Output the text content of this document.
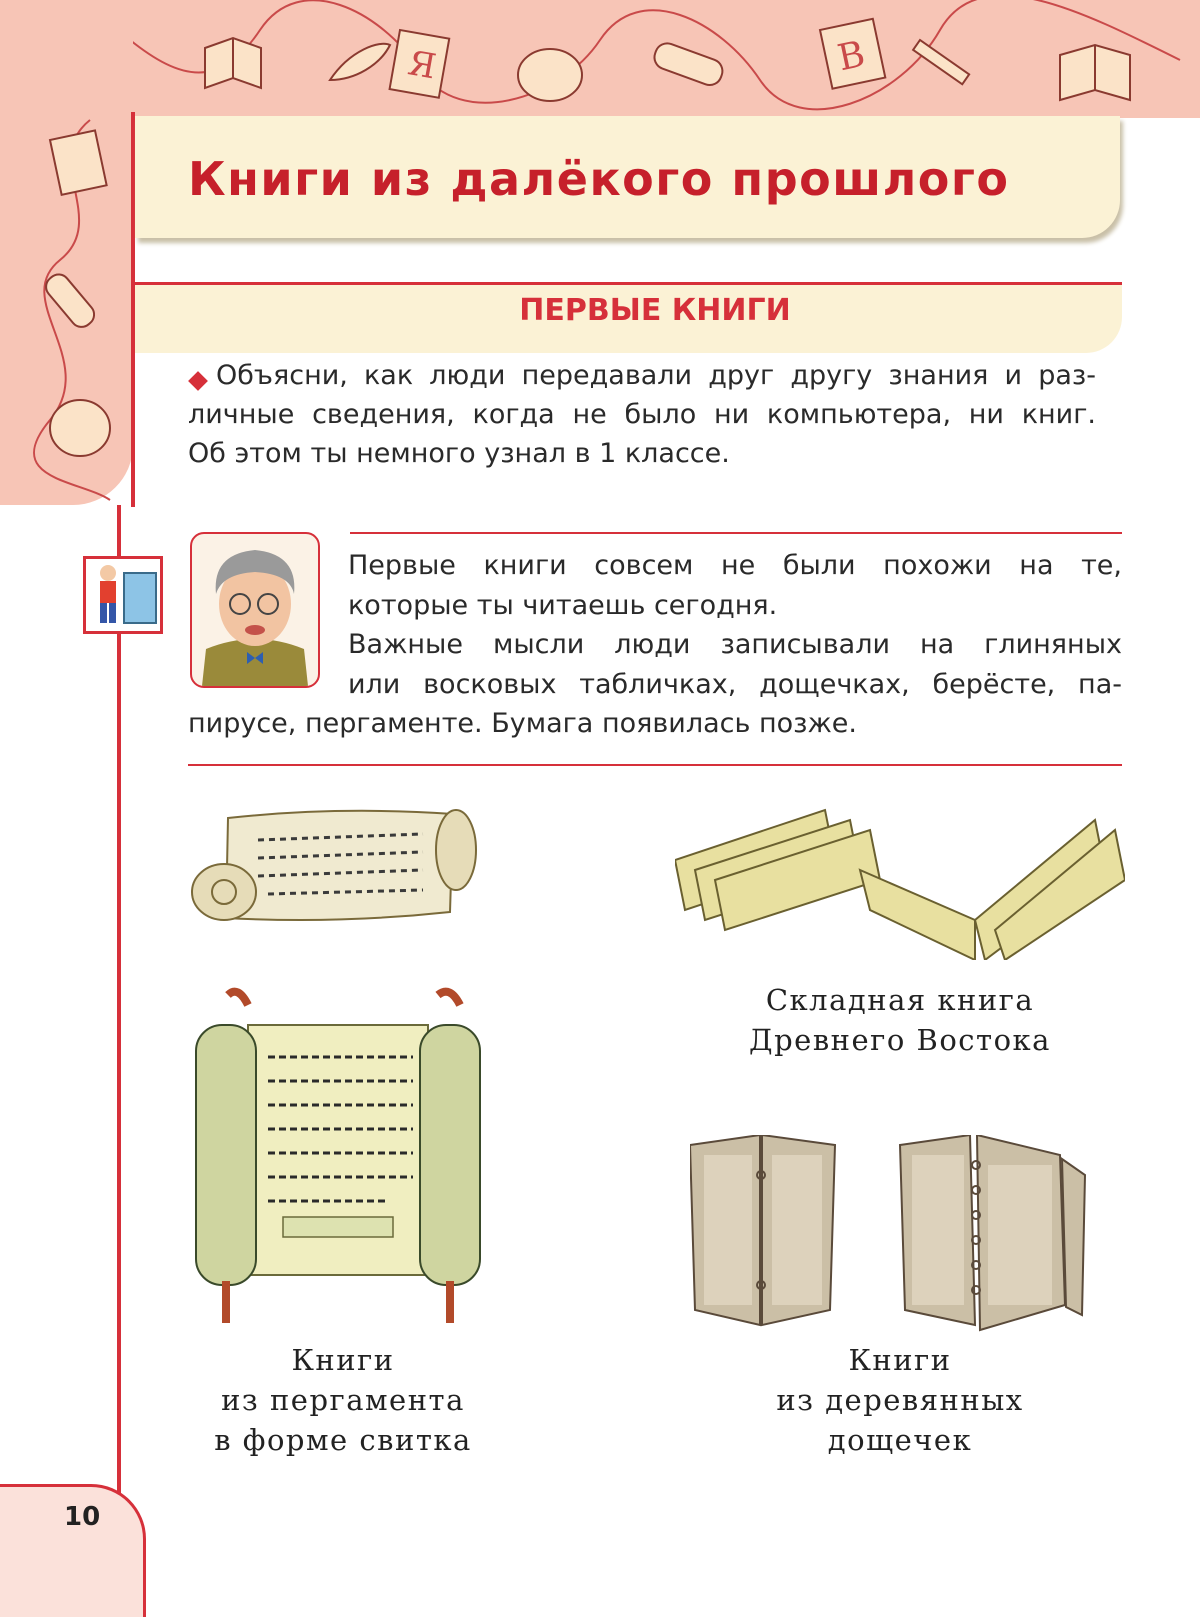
Я	В
Книги из далёкого прошлого
ПЕРВЫЕ КНИГИ
Объясни, как люди передавали друг другу знания и раз-
личные сведения, когда не было ни компьютера, ни книг.
Об этом ты немного узнал в 1 классе.
Первые книги совсем не были похожи на те,
которые ты читаешь сегодня.
Важные мысли люди записывали на глиняных
или восковых табличках, дощечках, берёсте, па-
пирусе, пергаменте. Бумага появилась позже.
Складная книга
Древнего Востока
Книги
из пергамента
в форме свитка
Книги
из деревянных
дощечек
10
